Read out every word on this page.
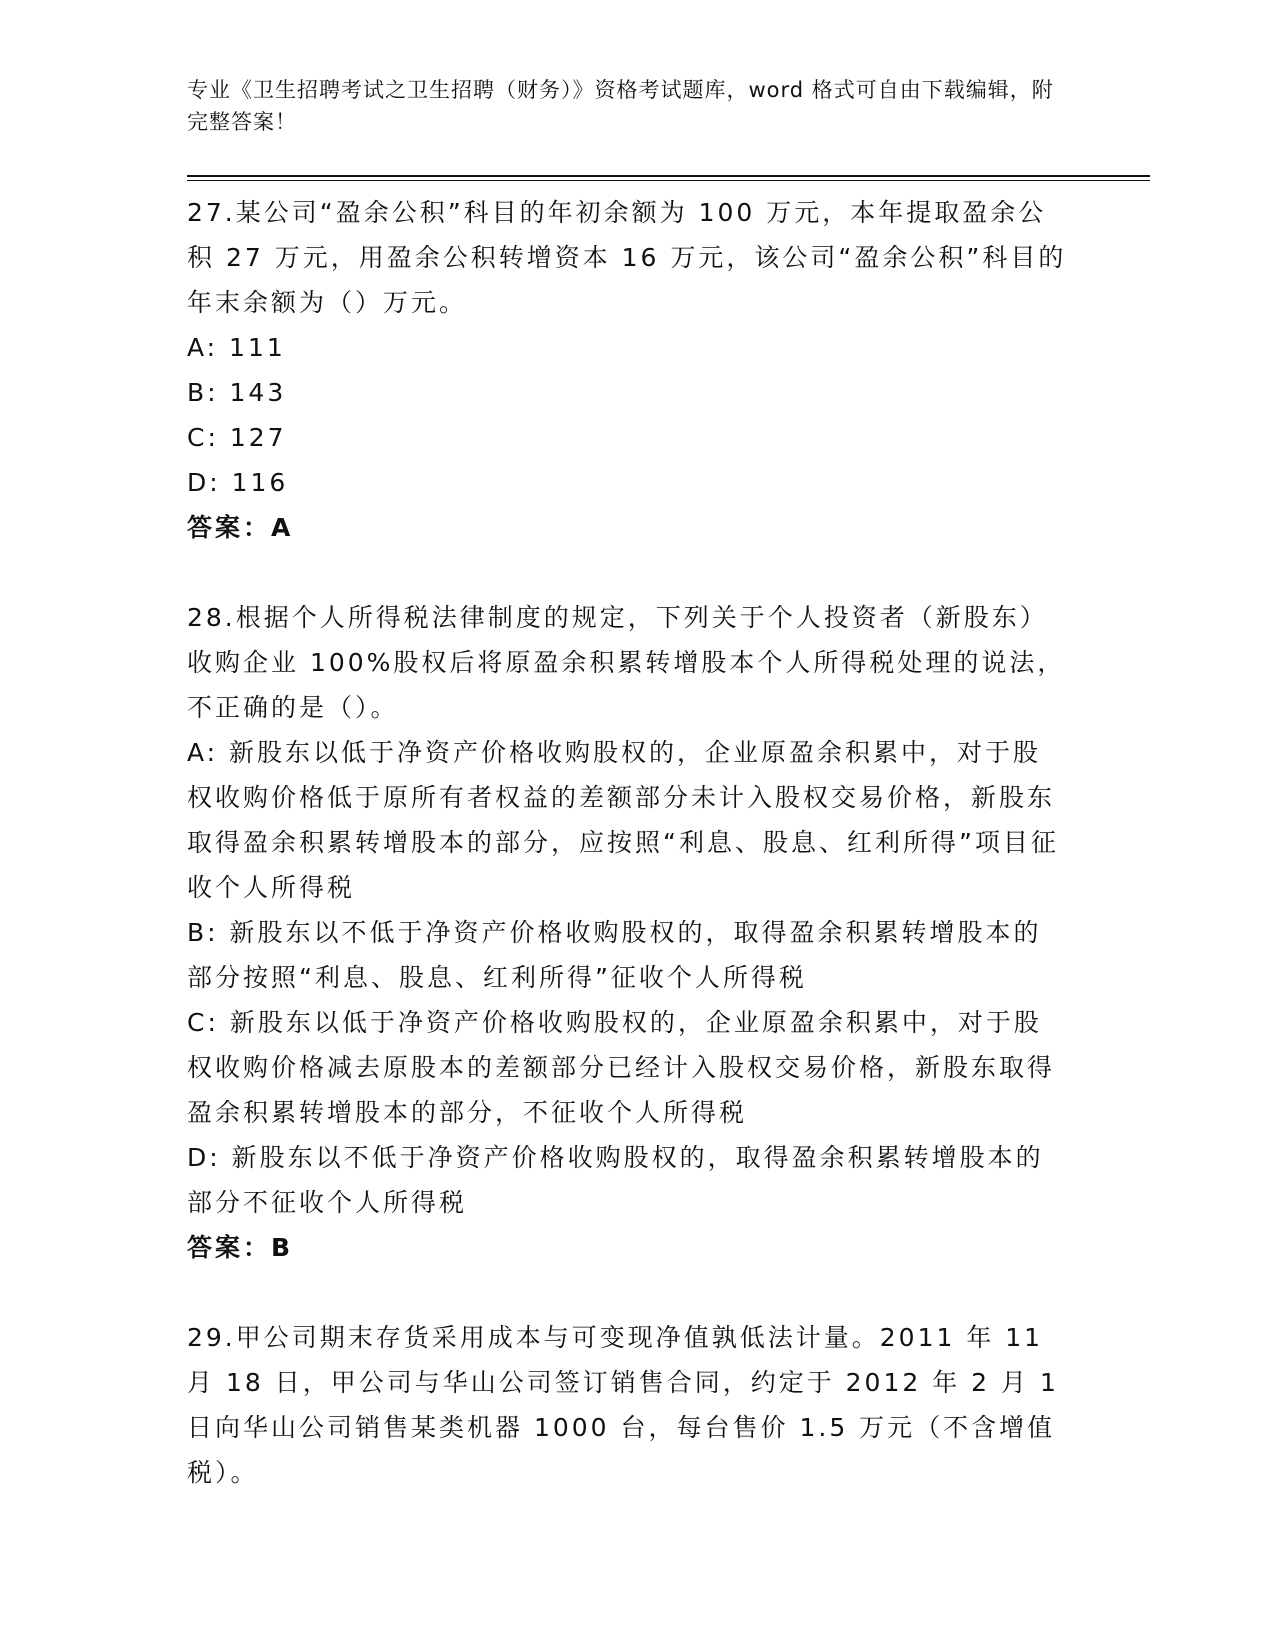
专业《卫生招聘考试之卫生招聘（财务）》资格考试题库，word 格式可自由下载编辑，附完整答案！
27.某公司“盈余公积”科目的年初余额为 100 万元，本年提取盈余公积 27 万元，用盈余公积转增资本 16 万元，该公司“盈余公积”科目的年末余额为（）万元。
A: 111
B: 143
C: 127
D: 116
答案：A
28.根据个人所得税法律制度的规定，下列关于个人投资者（新股东）收购企业 100%股权后将原盈余积累转增股本个人所得税处理的说法，不正确的是（）。
A: 新股东以低于净资产价格收购股权的，企业原盈余积累中，对于股权收购价格低于原所有者权益的差额部分未计入股权交易价格，新股东取得盈余积累转增股本的部分，应按照“利息、股息、红利所得”项目征收个人所得税
B: 新股东以不低于净资产价格收购股权的，取得盈余积累转增股本的部分按照“利息、股息、红利所得”征收个人所得税
C: 新股东以低于净资产价格收购股权的，企业原盈余积累中，对于股权收购价格减去原股本的差额部分已经计入股权交易价格，新股东取得盈余积累转增股本的部分，不征收个人所得税
D: 新股东以不低于净资产价格收购股权的，取得盈余积累转增股本的部分不征收个人所得税
答案：B
29.甲公司期末存货采用成本与可变现净值孰低法计量。2011 年 11 月 18 日，甲公司与华山公司签订销售合同，约定于 2012 年 2 月 1 日向华山公司销售某类机器 1000 台，每台售价 1.5 万元（不含增值税）。
